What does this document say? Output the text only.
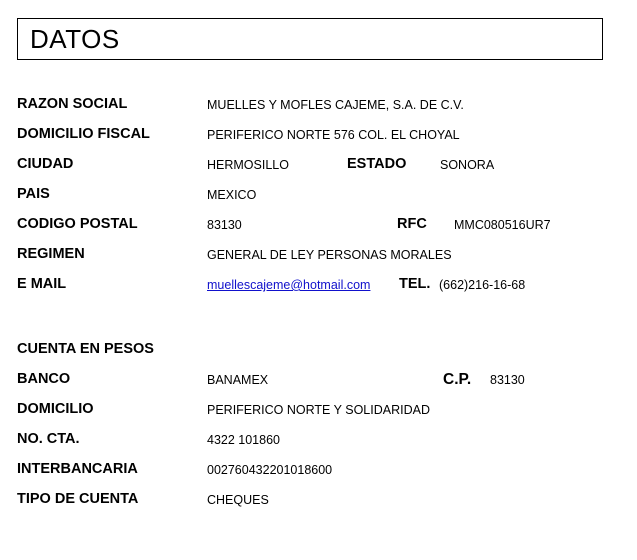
DATOS
RAZON SOCIAL	MUELLES Y MOFLES CAJEME, S.A. DE C.V.
DOMICILIO FISCAL	PERIFERICO NORTE 576 COL. EL CHOYAL
CIUDAD	HERMOSILLO	ESTADO	SONORA
PAIS	MEXICO
CODIGO POSTAL	83130	RFC MMC080516UR7
REGIMEN	GENERAL DE LEY PERSONAS MORALES
E MAIL	muellescajeme@hotmail.com TEL. (662)216-16-68
CUENTA EN PESOS
BANCO	BANAMEX	C.P. 83130
DOMICILIO	PERIFERICO NORTE Y SOLIDARIDAD
NO. CTA.	4322 101860
INTERBANCARIA	002760432201018600
TIPO DE CUENTA	CHEQUES
